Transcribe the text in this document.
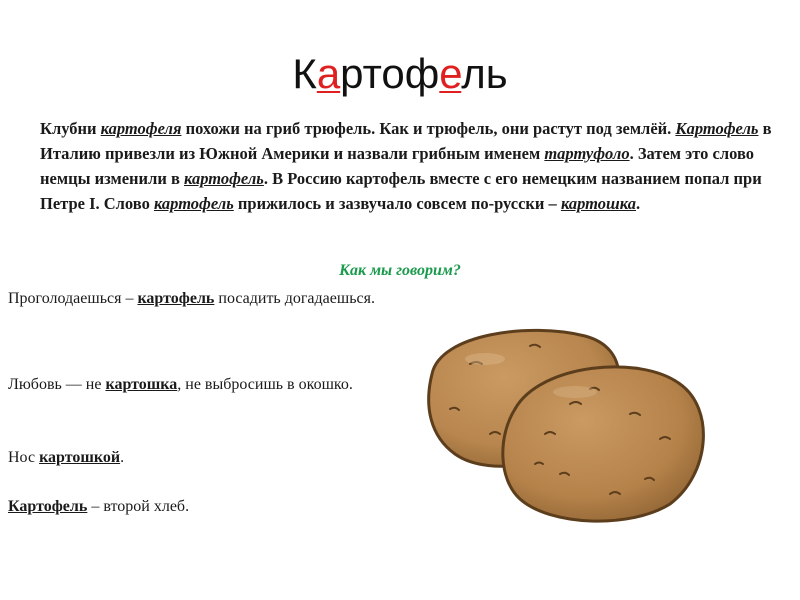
Картофель
Клубни картофеля похожи на гриб трюфель. Как и трюфель, они растут под землёй. Картофель в Италию привезли из Южной Америки и назвали грибным именем тартуфоло. Затем это слово немцы изменили в картофель. В Россию картофель вместе с его немецким названием попал при Петре I. Слово картофель прижилось и зазвучало совсем по-русски – картошка.
Как мы говорим?
Проголодаешься – картофель посадить догадаешься.
Любовь — не картошка, не выбросишь в окошко.
Нос картошкой.
Картофель – второй хлеб.
